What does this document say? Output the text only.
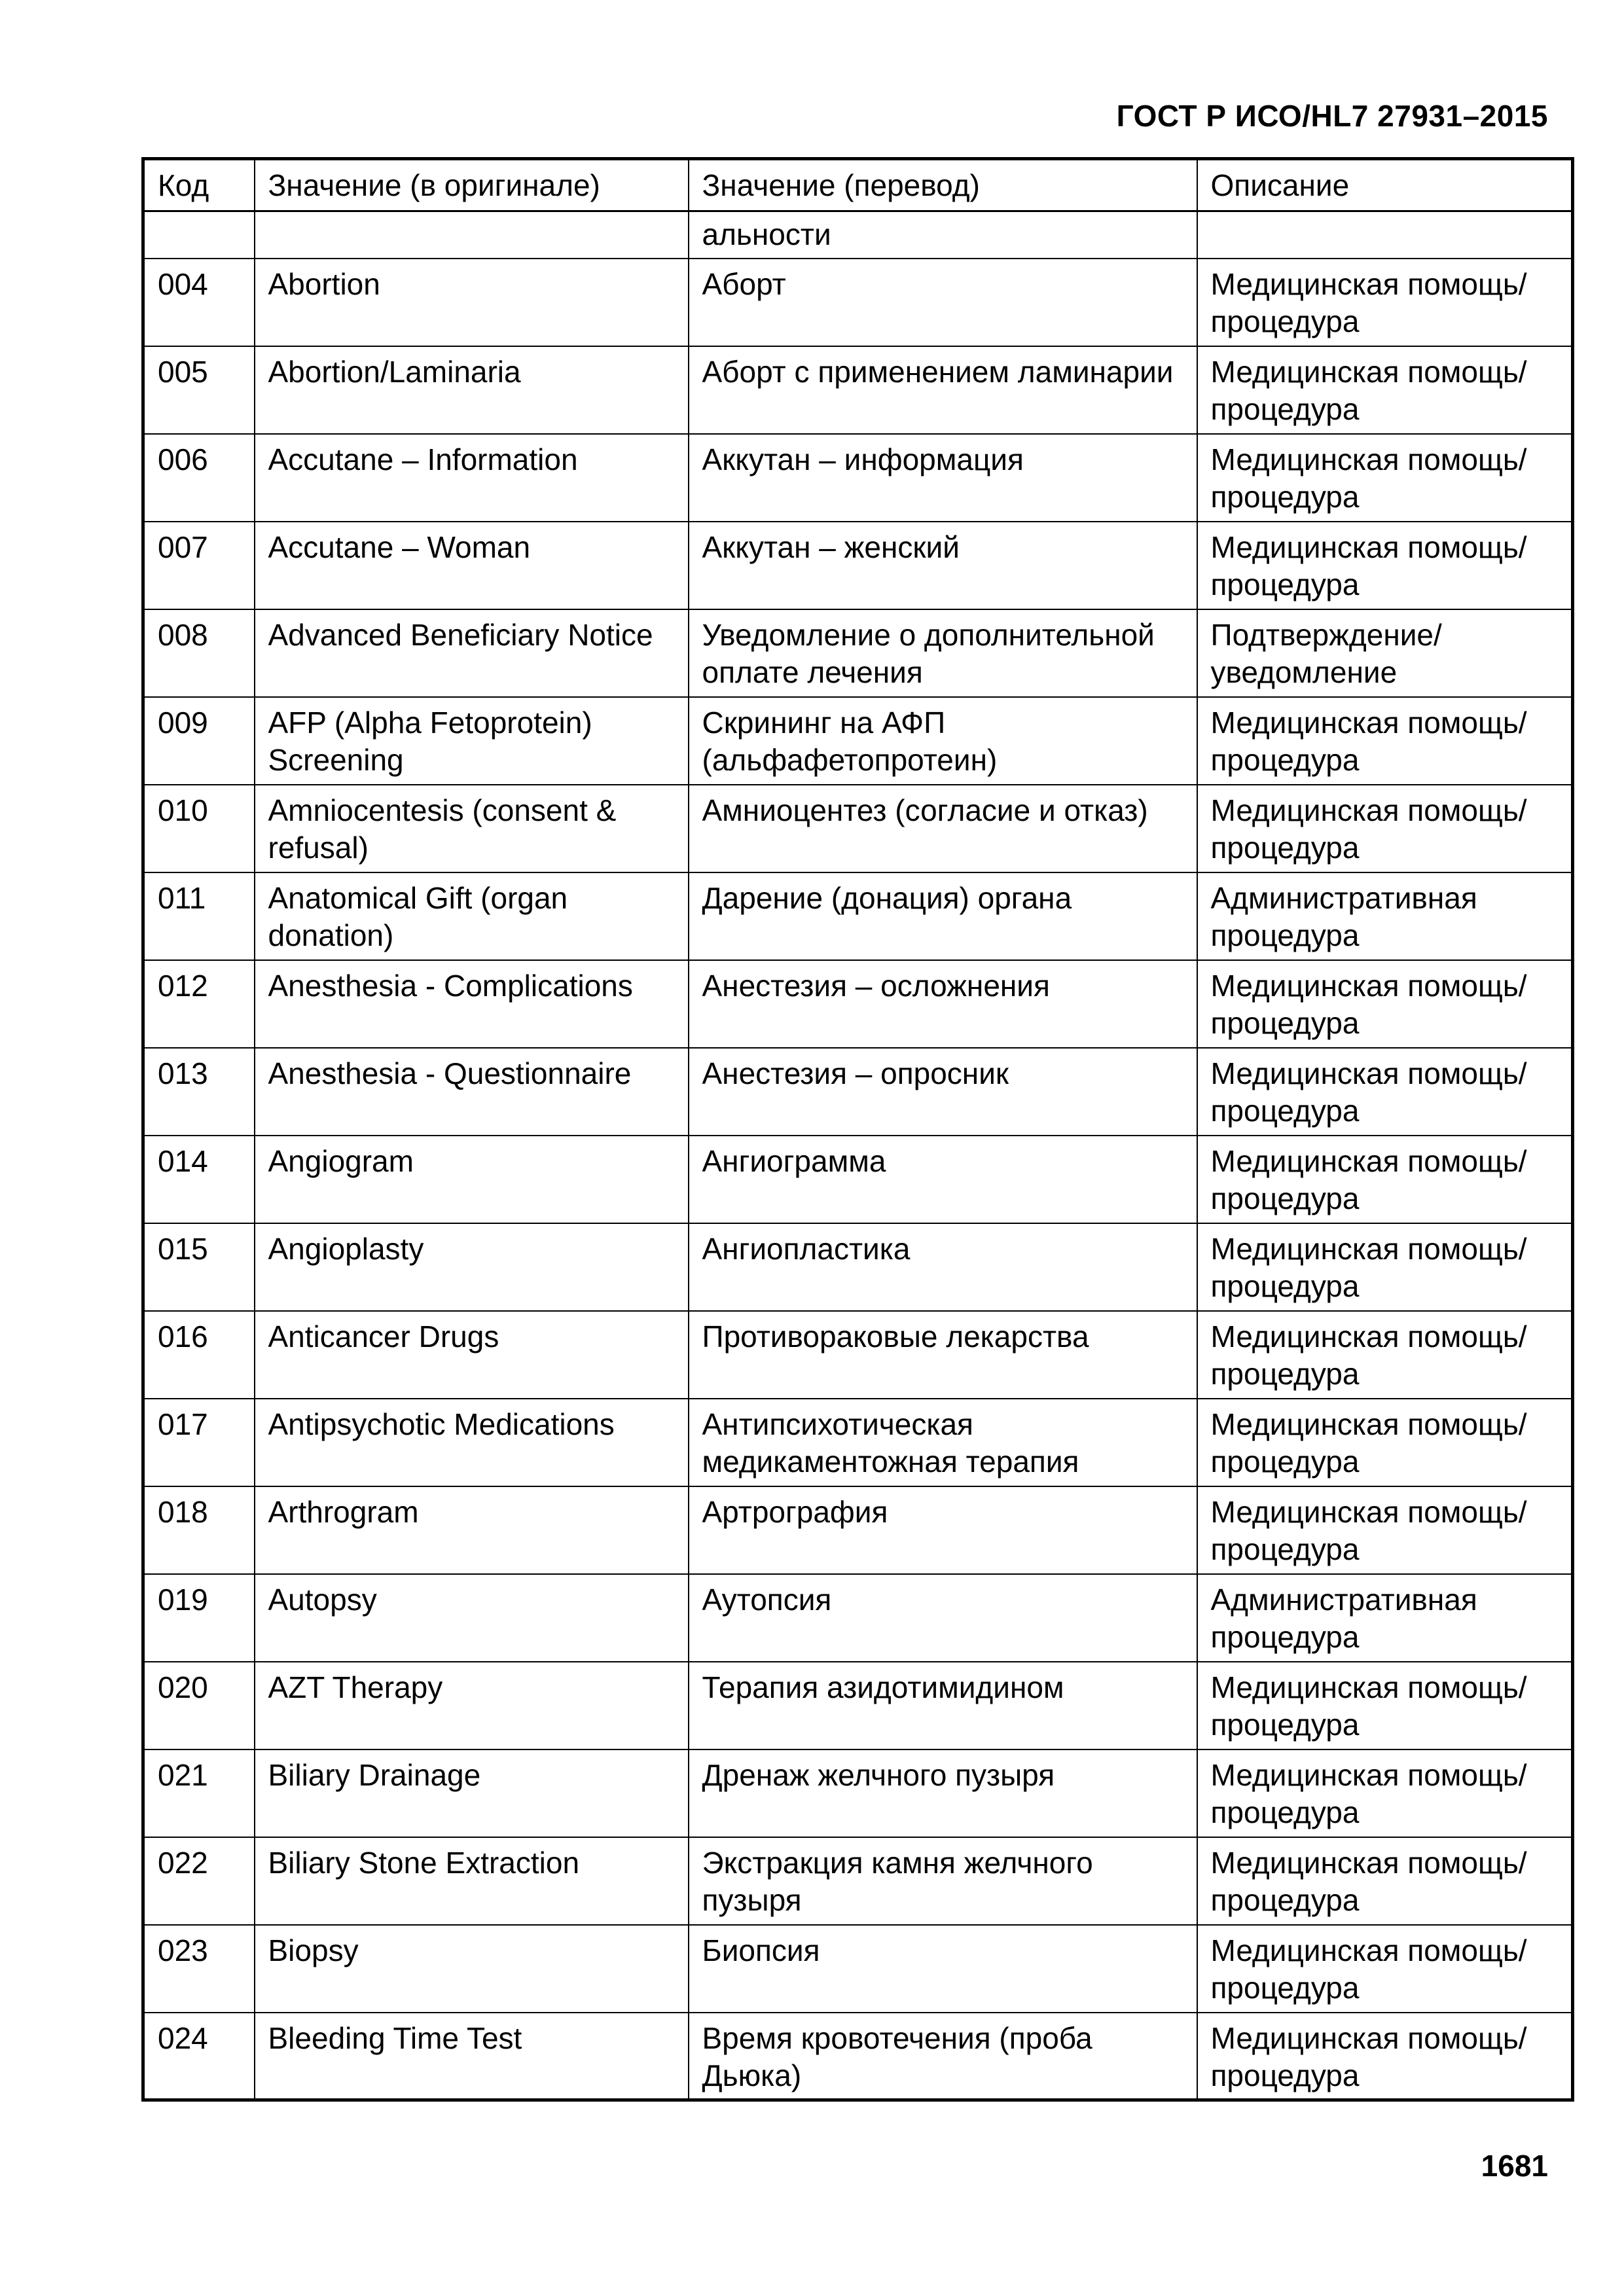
ГОСТ Р ИСО/HL7 27931–2015
Код	Значение (в оригинале)	Значение (перевод)	Описание
		альности	
004	Abortion	Аборт	Медицинская помощь/ процедура
005	Abortion/Laminaria	Аборт с применением ламинарии	Медицинская помощь/ процедура
006	Accutane – Information	Аккутан – информация	Медицинская помощь/ процедура
007	Accutane – Woman	Аккутан – женский	Медицинская помощь/ процедура
008	Advanced Beneficiary Notice	Уведомление о дополнительной оплате лечения	Подтверждение/ уведомление
009	AFP (Alpha Fetoprotein) Screening	Скрининг на АФП (альфафетопротеин)	Медицинская помощь/ процедура
010	Amniocentesis (consent & refusal)	Амниоцентез (согласие и отказ)	Медицинская помощь/ процедура
011	Anatomical Gift (organ donation)	Дарение (донация) органа	Административная процедура
012	Anesthesia - Complications	Анестезия – осложнения	Медицинская помощь/ процедура
013	Anesthesia - Questionnaire	Анестезия – опросник	Медицинская помощь/ процедура
014	Angiogram	Ангиограмма	Медицинская помощь/ процедура
015	Angioplasty	Ангиопластика	Медицинская помощь/ процедура
016	Anticancer Drugs	Противораковые лекарства	Медицинская помощь/ процедура
017	Antipsychotic Medications	Антипсихотическая медикаментожная терапия	Медицинская помощь/ процедура
018	Arthrogram	Артрография	Медицинская помощь/ процедура
019	Autopsy	Аутопсия	Административная процедура
020	AZT Therapy	Терапия азидотимидином	Медицинская помощь/ процедура
021	Biliary Drainage	Дренаж желчного пузыря	Медицинская помощь/ процедура
022	Biliary Stone Extraction	Экстракция камня желчного пузыря	Медицинская помощь/ процедура
023	Biopsy	Биопсия	Медицинская помощь/ процедура
024	Bleeding Time Test	Время кровотечения (проба Дьюка)	Медицинская помощь/ процедура
1681
